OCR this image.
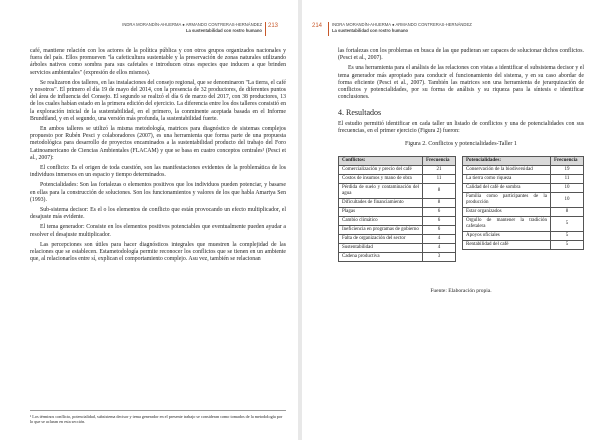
INDRA MORANDÍN-AHUERMA ● ARMANDO CONTRERAS-HERNÁNDEZ
La sustentabilidad con rostro humano
213

café, mantiene relación con los actores de la política pública y con otros grupos organizados nacionales y fuera del país. Ellos promueven "la cafeticultura sustentable y la preservación de zonas naturales utilizando árboles nativos como sombra para sus cafetales e introducen otras especies que inducen a que brinden servicios ambientales" (expresión de ellos mismos).

Se realizaron dos talleres, en las instalaciones del consejo regional, que se denominaron "La tierra, el café y nosotros". El primero el día 19 de mayo del 2014, con la presencia de 32 productores, de diferentes puntos del área de influencia del Consejo. El segundo se realizó el día 6 de marzo del 2017, con 38 productores, 13 de los cuales habían estado en la primera edición del ejercicio. La diferencia entre los dos talleres consistió en la exploración inicial de la sustentabilidad, en el primero, la conminente aceptada basada en el Informe Brundtland, y en el segundo, una versión más profunda, la sustentabilidad fuerte.

En ambos talleres se utilizó la misma metodología, matrices para diagnóstico de sistemas complejos propuesto por Rubén Pesci y colaboradores (2007), es una herramienta que forma parte de una propuesta metodológica para desarrollo de proyectos encaminados a la sustentabilidad producto del trabajo del Foro Latinoamericano de Ciencias Ambientales (FLACAM) y que se basa en cuatro conceptos centrales¹ (Pesci et al., 2007):

El conflicto: Es el origen de toda cuestión, son las manifestaciones evidentes de la problemática de los individuos inmersos en un espacio y tiempo determinados.

Potencialidades: Son las fortalezas o elementos positivos que los individuos pueden potenciar, y basarse en ellas para la construcción de soluciones. Son los funcionamientos y valores de los que habla Amartya Sen (1993).

Sub-sistema decisor: Es el o los elementos de conflicto que están provocando un efecto multiplicador, el desajuste más evidente.

El tema generador: Consiste en los elementos positivos potenciables que eventualmente pueden ayudar a resolver el desajuste multiplicador.

Las percepciones son útiles para hacer diagnósticos integrales que muestren la complejidad de las relaciones que se establecen. Estametodología permite reconocer los conflictos que se tienen en un ambiente que, al relacionarlos entre sí, explican el comportamiento complejo. Asu vez, también se relacionan

¹ Los términos conflicto, potencialidad, subsistema decisor y tema generador en el presente trabajo se consideran como tomados de la metodología por lo que se aclaran en esta sección.
214 INDRA MORANDÍN-AHUERMA ● ARMANDO CONTRERAS-HERNÁNDEZ
La sustentabilidad con rostro humano

las fortalezas con los problemas en busca de las que pudieran ser capaces de solucionar dichos conflictos. (Pesci et al., 2007).

Es una herramienta para el análisis de las relaciones con vistas a identificar el subsistema decisor y el tema generador más apropiado para conducir el funcionamiento del sistema, y en su caso abordar de forma eficiente (Pesci et al., 2007). También las matrices son una herramienta de jerarquización de conflictos y potencialidades, por su forma de análisis y su riqueza para la síntesis e identificar conclusiones.

4. Resultados

El estudio permitió identificar en cada taller un listado de conflictos y una de potencialidades con sus frecuencias, en el primer ejercicio (Figura 2) fueron:

Figura 2. Conflictos y potencialidades-Taller 1
Conflictos:	Frecuencia
Comercialización y precio del café	21
Costos de insumos y mano de obra	11
Pérdida de suelo y contaminación del agua	8
Dificultades de financiamiento	8
Plagas	6
Cambio climático	6
Ineficiencia en programas de gobierno	6
Falta de organización del sector	4
Sustentabilidad	4
Cadena productiva	3
Potencialidades:	Frecuencia
Conservación de la biodiversidad	19
La tierra como riqueza	11
Calidad del café de sombra	10
Familia como participantes de la producción	10
Estar organizados	8
Orgullo de mantener la tradición cafetalera	5
Apoyos oficiales	5
Rentabilidad del café	5
Fuente: Elaboración propia.
